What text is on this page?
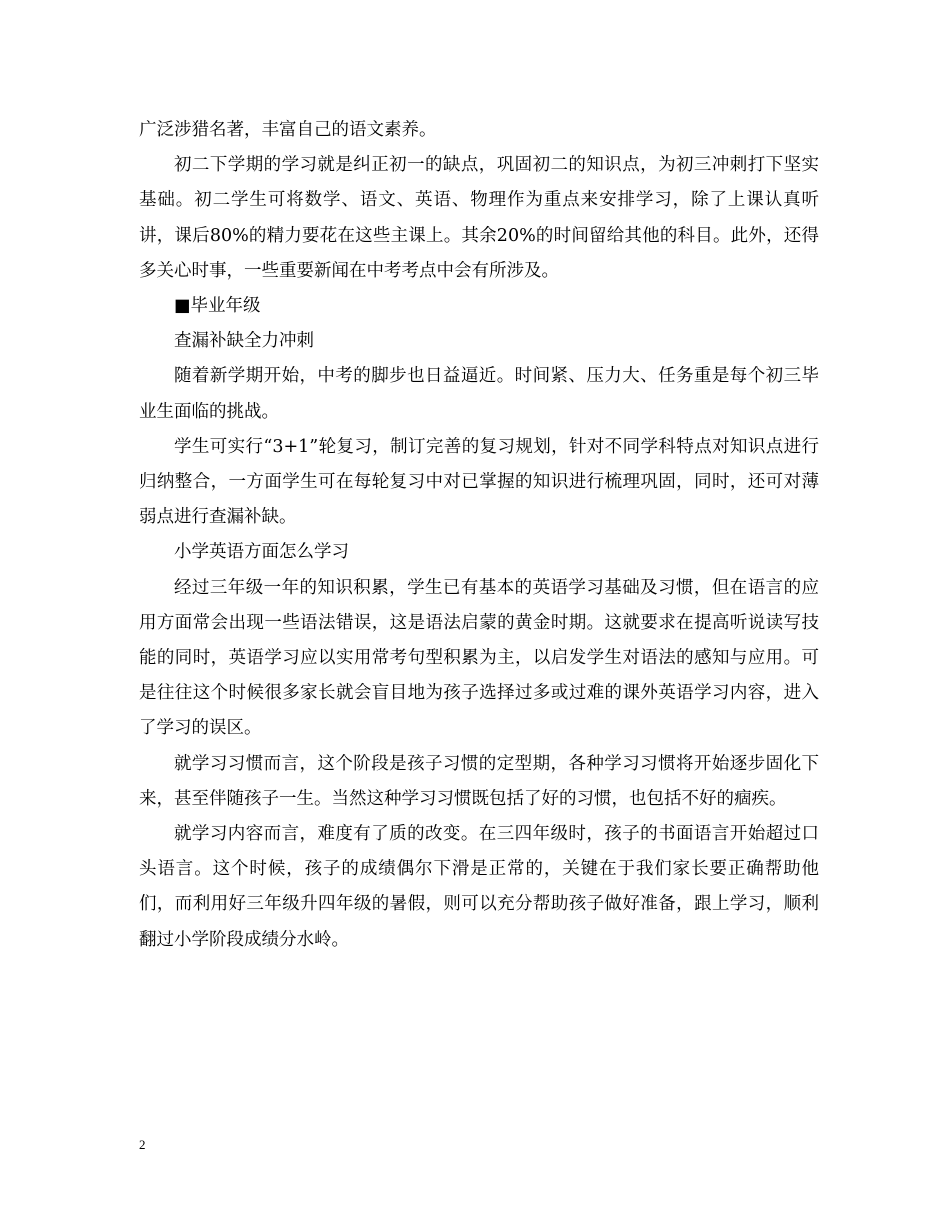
广泛涉猎名著，丰富自己的语文素养。

初二下学期的学习就是纠正初一的缺点，巩固初二的知识点，为初三冲刺打下坚实基础。初二学生可将数学、语文、英语、物理作为重点来安排学习，除了上课认真听讲，课后80%的精力要花在这些主课上。其余20%的时间留给其他的科目。此外，还得多关心时事，一些重要新闻在中考考点中会有所涉及。

■毕业年级

查漏补缺全力冲刺

随着新学期开始，中考的脚步也日益逼近。时间紧、压力大、任务重是每个初三毕业生面临的挑战。

学生可实行“3+1”轮复习，制订完善的复习规划，针对不同学科特点对知识点进行归纳整合，一方面学生可在每轮复习中对已掌握的知识进行梳理巩固，同时，还可对薄弱点进行查漏补缺。

小学英语方面怎么学习

经过三年级一年的知识积累，学生已有基本的英语学习基础及习惯，但在语言的应用方面常会出现一些语法错误，这是语法启蒙的黄金时期。这就要求在提高听说读写技能的同时，英语学习应以实用常考句型积累为主，以启发学生对语法的感知与应用。可是往往这个时候很多家长就会盲目地为孩子选择过多或过难的课外英语学习内容，进入了学习的误区。

就学习习惯而言，这个阶段是孩子习惯的定型期，各种学习习惯将开始逐步固化下来，甚至伴随孩子一生。当然这种学习习惯既包括了好的习惯，也包括不好的痼疾。

就学习内容而言，难度有了质的改变。在三四年级时，孩子的书面语言开始超过口头语言。这个时候，孩子的成绩偶尔下滑是正常的，关键在于我们家长要正确帮助他们，而利用好三年级升四年级的暑假，则可以充分帮助孩子做好准备，跟上学习，顺利翻过小学阶段成绩分水岭。

2
